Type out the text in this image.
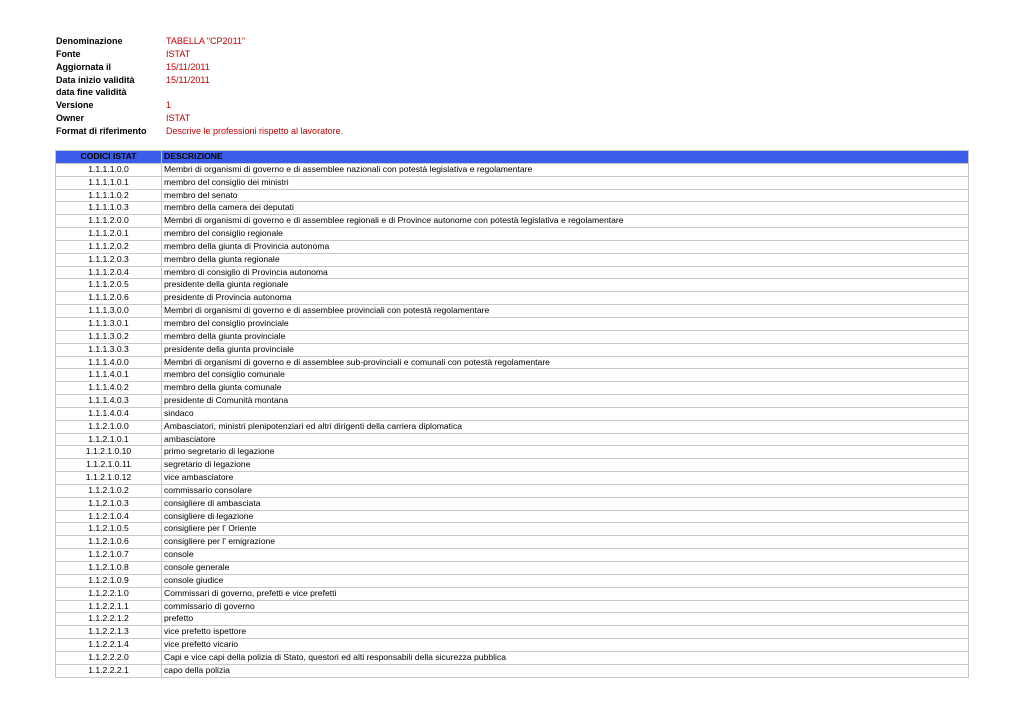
Denominazione	TABELLA "CP2011"
Fonte	ISTAT
Aggiornata il	15/11/2011
Data inizio validità	15/11/2011
data fine validità	
Versione	1
Owner	ISTAT
Format di riferimento	Descrive le professioni rispetto al lavoratore.
CODICI ISTAT	DESCRIZIONE
1.1.1.1.0.0	Membri di organismi di governo e di assemblee nazionali con potestà legislativa e regolamentare
1.1.1.1.0.1	membro del consiglio dei ministri
1.1.1.1.0.2	membro del senato
1.1.1.1.0.3	membro della camera dei deputati
1.1.1.2.0.0	Membri di organismi di governo e di assemblee regionali e di Province autonome con potestà legislativa e regolamentare
1.1.1.2.0.1	membro del consiglio regionale
1.1.1.2.0.2	membro della giunta di Provincia autonoma
1.1.1.2.0.3	membro della giunta regionale
1.1.1.2.0.4	membro di consiglio di Provincia autonoma
1.1.1.2.0.5	presidente della giunta regionale
1.1.1.2.0.6	presidente di Provincia autonoma
1.1.1.3.0.0	Membri di organismi di governo e di assemblee provinciali con potestà regolamentare
1.1.1.3.0.1	membro del consiglio provinciale
1.1.1.3.0.2	membro della giunta provinciale
1.1.1.3.0.3	presidente della giunta provinciale
1.1.1.4.0.0	Membri di organismi di governo e di assemblee sub-provinciali e comunali con potestà regolamentare
1.1.1.4.0.1	membro del consiglio comunale
1.1.1.4.0.2	membro della giunta comunale
1.1.1.4.0.3	presidente di Comunità montana
1.1.1.4.0.4	sindaco
1.1.2.1.0.0	Ambasciatori, ministri plenipotenziari ed altri dirigenti della carriera diplomatica
1.1.2.1.0.1	ambasciatore
1.1.2.1.0.10	primo segretario di legazione
1.1.2.1.0.11	segretario di legazione
1.1.2.1.0.12	vice ambasciatore
1.1.2.1.0.2	commissario consolare
1.1.2.1.0.3	consigliere di ambasciata
1.1.2.1.0.4	consigliere di legazione
1.1.2.1.0.5	consigliere per l' Oriente
1.1.2.1.0.6	consigliere per l' emigrazione
1.1.2.1.0.7	console
1.1.2.1.0.8	console generale
1.1.2.1.0.9	console giudice
1.1.2.2.1.0	Commissari di governo, prefetti e vice prefetti
1.1.2.2.1.1	commissario di governo
1.1.2.2.1.2	prefetto
1.1.2.2.1.3	vice prefetto ispettore
1.1.2.2.1.4	vice prefetto vicario
1.1.2.2.2.0	Capi e vice capi della polizia di Stato, questori ed alti responsabili della sicurezza pubblica
1.1.2.2.2.1	capo della polizia
